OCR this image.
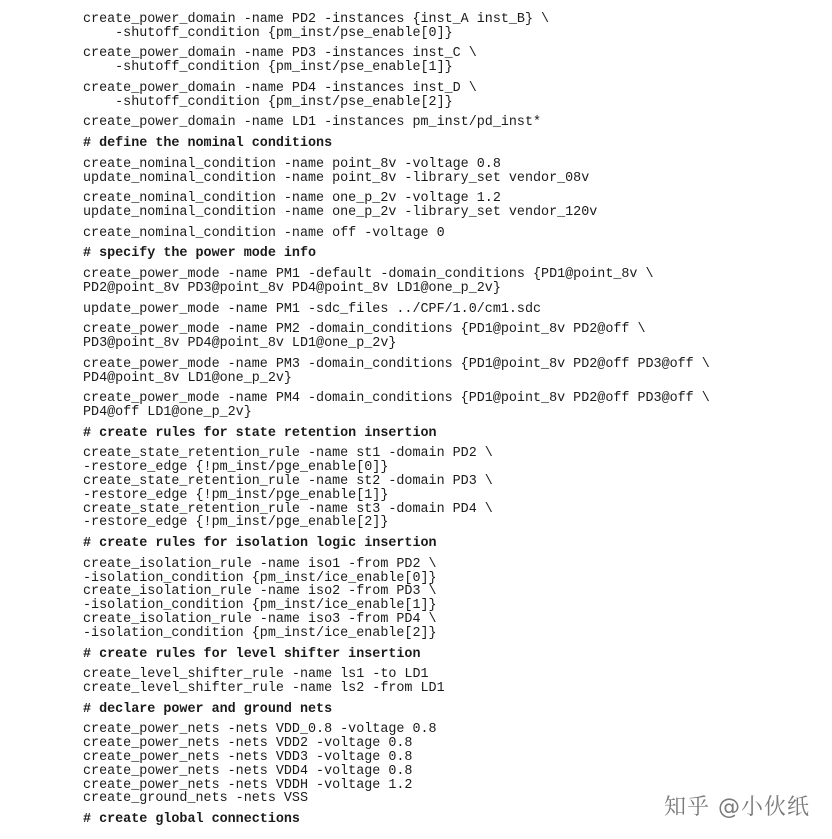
create_power_domain -name PD2 -instances {inst_A inst_B} \
-shutoff_condition {pm_inst/pse_enable[0]}
create_power_domain -name PD3 -instances inst_C \
-shutoff_condition {pm_inst/pse_enable[1]}
create_power_domain -name PD4 -instances inst_D \
-shutoff_condition {pm_inst/pse_enable[2]}
create_power_domain -name LD1 -instances pm_inst/pd_inst*
# define the nominal conditions
create_nominal_condition -name point_8v -voltage 0.8
update_nominal_condition -name point_8v -library_set vendor_08v
create_nominal_condition -name one_p_2v -voltage 1.2
update_nominal_condition -name one_p_2v -library_set vendor_120v
create_nominal_condition -name off -voltage 0
# specify the power mode info
create_power_mode -name PM1 -default -domain_conditions {PD1@point_8v \
PD2@point_8v PD3@point_8v PD4@point_8v LD1@one_p_2v}
update_power_mode -name PM1 -sdc_files ../CPF/1.0/cm1.sdc
create_power_mode -name PM2 -domain_conditions {PD1@point_8v PD2@off \
PD3@point_8v PD4@point_8v LD1@one_p_2v}
create_power_mode -name PM3 -domain_conditions {PD1@point_8v PD2@off PD3@off \
PD4@point_8v LD1@one_p_2v}
create_power_mode -name PM4 -domain_conditions {PD1@point_8v PD2@off PD3@off \
PD4@off LD1@one_p_2v}
# create rules for state retention insertion
create_state_retention_rule -name st1 -domain PD2 \
-restore_edge {!pm_inst/pge_enable[0]}
create_state_retention_rule -name st2 -domain PD3 \
-restore_edge {!pm_inst/pge_enable[1]}
create_state_retention_rule -name st3 -domain PD4 \
-restore_edge {!pm_inst/pge_enable[2]}
# create rules for isolation logic insertion
create_isolation_rule -name iso1 -from PD2 \
-isolation_condition {pm_inst/ice_enable[0]}
create_isolation_rule -name iso2 -from PD3 \
-isolation_condition {pm_inst/ice_enable[1]}
create_isolation_rule -name iso3 -from PD4 \
-isolation_condition {pm_inst/ice_enable[2]}
# create rules for level shifter insertion
create_level_shifter_rule -name ls1 -to LD1
create_level_shifter_rule -name ls2 -from LD1
# declare power and ground nets
create_power_nets -nets VDD_0.8 -voltage 0.8
create_power_nets -nets VDD2 -voltage 0.8
create_power_nets -nets VDD3 -voltage 0.8
create_power_nets -nets VDD4 -voltage 0.8
create_power_nets -nets VDDH -voltage 1.2
create_ground_nets -nets VSS
# create global connections	知乎 @小伙纸
